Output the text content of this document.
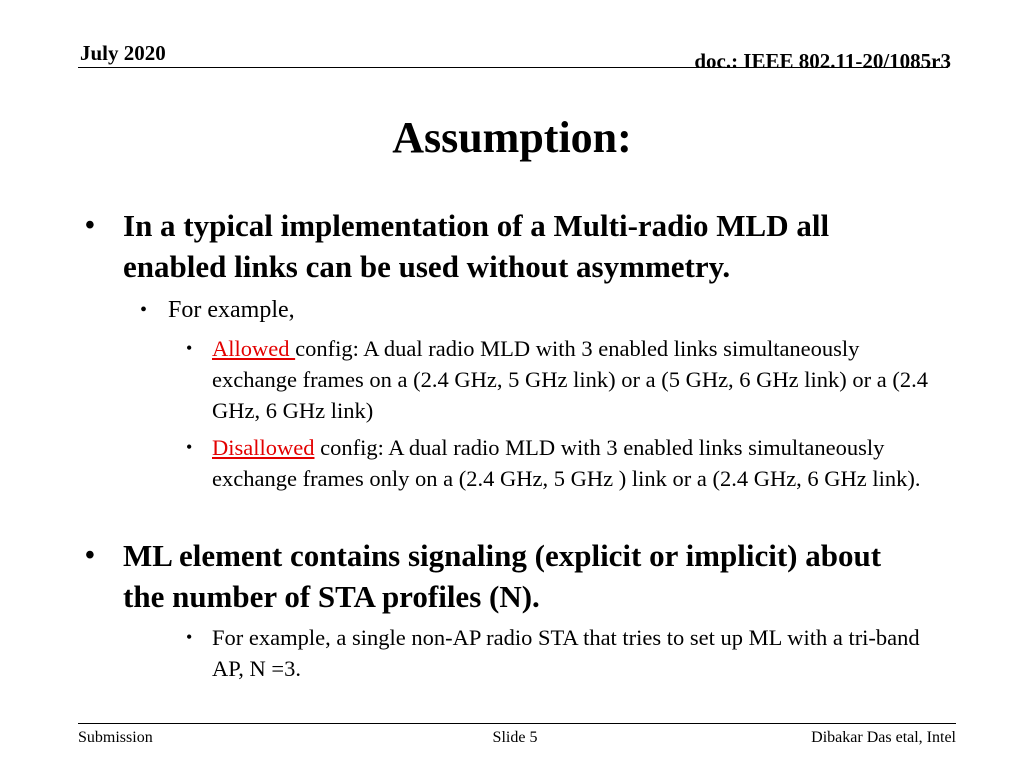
July 2020	doc.: IEEE 802.11-20/1085r3
Assumption:
• In a typical implementation of a Multi-radio MLD all enabled links can be used without asymmetry.
• For example,
• Allowed config: A dual radio MLD with 3 enabled links simultaneously exchange frames on a (2.4 GHz, 5 GHz link) or a (5 GHz, 6 GHz link) or a (2.4 GHz, 6 GHz link)
• Disallowed config: A dual radio MLD with 3 enabled links simultaneously exchange frames only on a (2.4 GHz, 5 GHz ) link or a (2.4 GHz, 6 GHz link).
• ML element contains signaling (explicit or implicit) about the number of STA profiles (N).
• For example, a single non-AP radio STA that tries to set up ML with a tri-band AP, N =3.
Submission	Slide 5	Dibakar Das etal, Intel
